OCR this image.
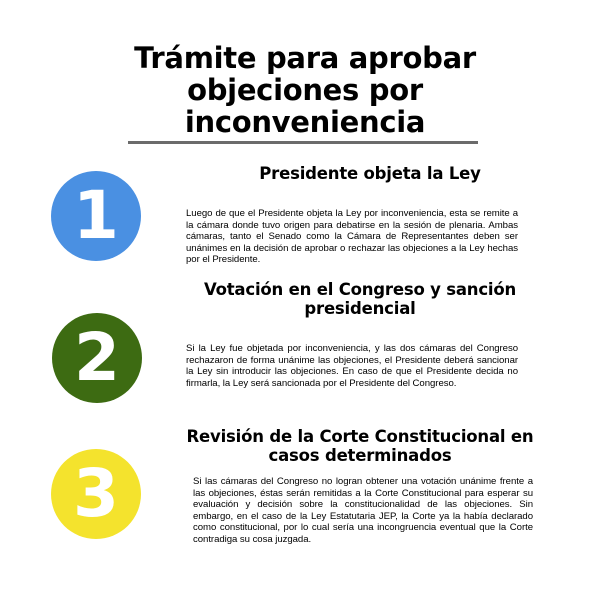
Trámite para aprobar objeciones por inconveniencia
1
Presidente objeta la Ley

Luego de que el Presidente objeta la Ley por inconveniencia, esta se remite a la cámara donde tuvo origen para debatirse en la sesión de plenaria. Ambas cámaras, tanto el Senado como la Cámara de Representantes deben ser unánimes en la decisión de aprobar o rechazar las objeciones a la Ley hechas por el Presidente.

2
Votación en el Congreso y sanción presidencial

Si la Ley fue objetada por inconveniencia, y las dos cámaras del Congreso rechazaron de forma unánime las objeciones, el Presidente deberá sancionar la Ley sin introducir las objeciones. En caso de que el Presidente decida no firmarla, la Ley será sancionada por el Presidente del Congreso.

3
Revisión de la Corte Constitucional en casos determinados

Si las cámaras del Congreso no logran obtener una votación unánime frente a las objeciones, éstas serán remitidas a la Corte Constitucional para esperar su evaluación y decisión sobre la constitucionalidad de las objeciones. Sin embargo, en el caso de la Ley Estatutaria JEP, la Corte ya la había declarado como constitucional, por lo cual sería una incongruencia eventual que la Corte contradiga su cosa juzgada.
